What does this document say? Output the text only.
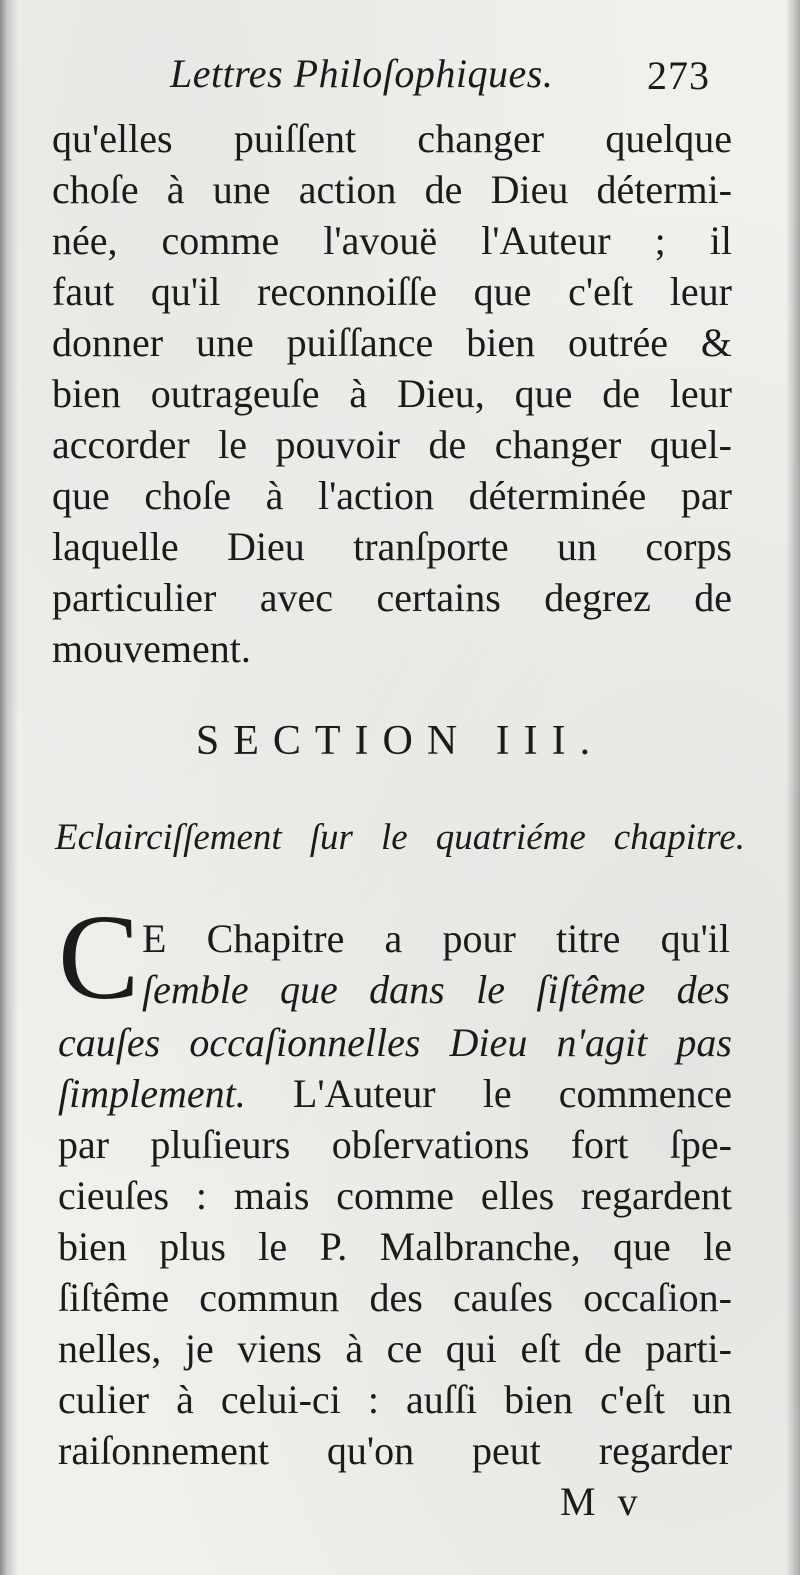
Lettres Philoſophiques. 273
qu'elles puiſſent changer quelque
choſe à une action de Dieu détermi-
née, comme l'avouë l'Auteur ; il
faut qu'il reconnoiſſe que c'eſt leur
donner une puiſſance bien outrée &
bien outrageuſe à Dieu, que de leur
accorder le pouvoir de changer quel-
que choſe à l'action déterminée par
laquelle Dieu tranſporte un corps
particulier avec certains degrez de
mouvement.
SECTION III.
Eclairciſſement ſur le quatriéme chapitre.
C E Chapitre a pour titre qu'il
ſemble que dans le ſiſtême des
cauſes occaſionnelles Dieu n'agit pas
ſimplement. L'Auteur le commence
par pluſieurs obſervations fort ſpe-
cieuſes : mais comme elles regardent
bien plus le P. Malbranche, que le
ſiſtême commun des cauſes occaſion-
nelles, je viens à ce qui eſt de parti-
culier à celui-ci : auſſi bien c'eſt un
raiſonnement qu'on peut regarder
M v
